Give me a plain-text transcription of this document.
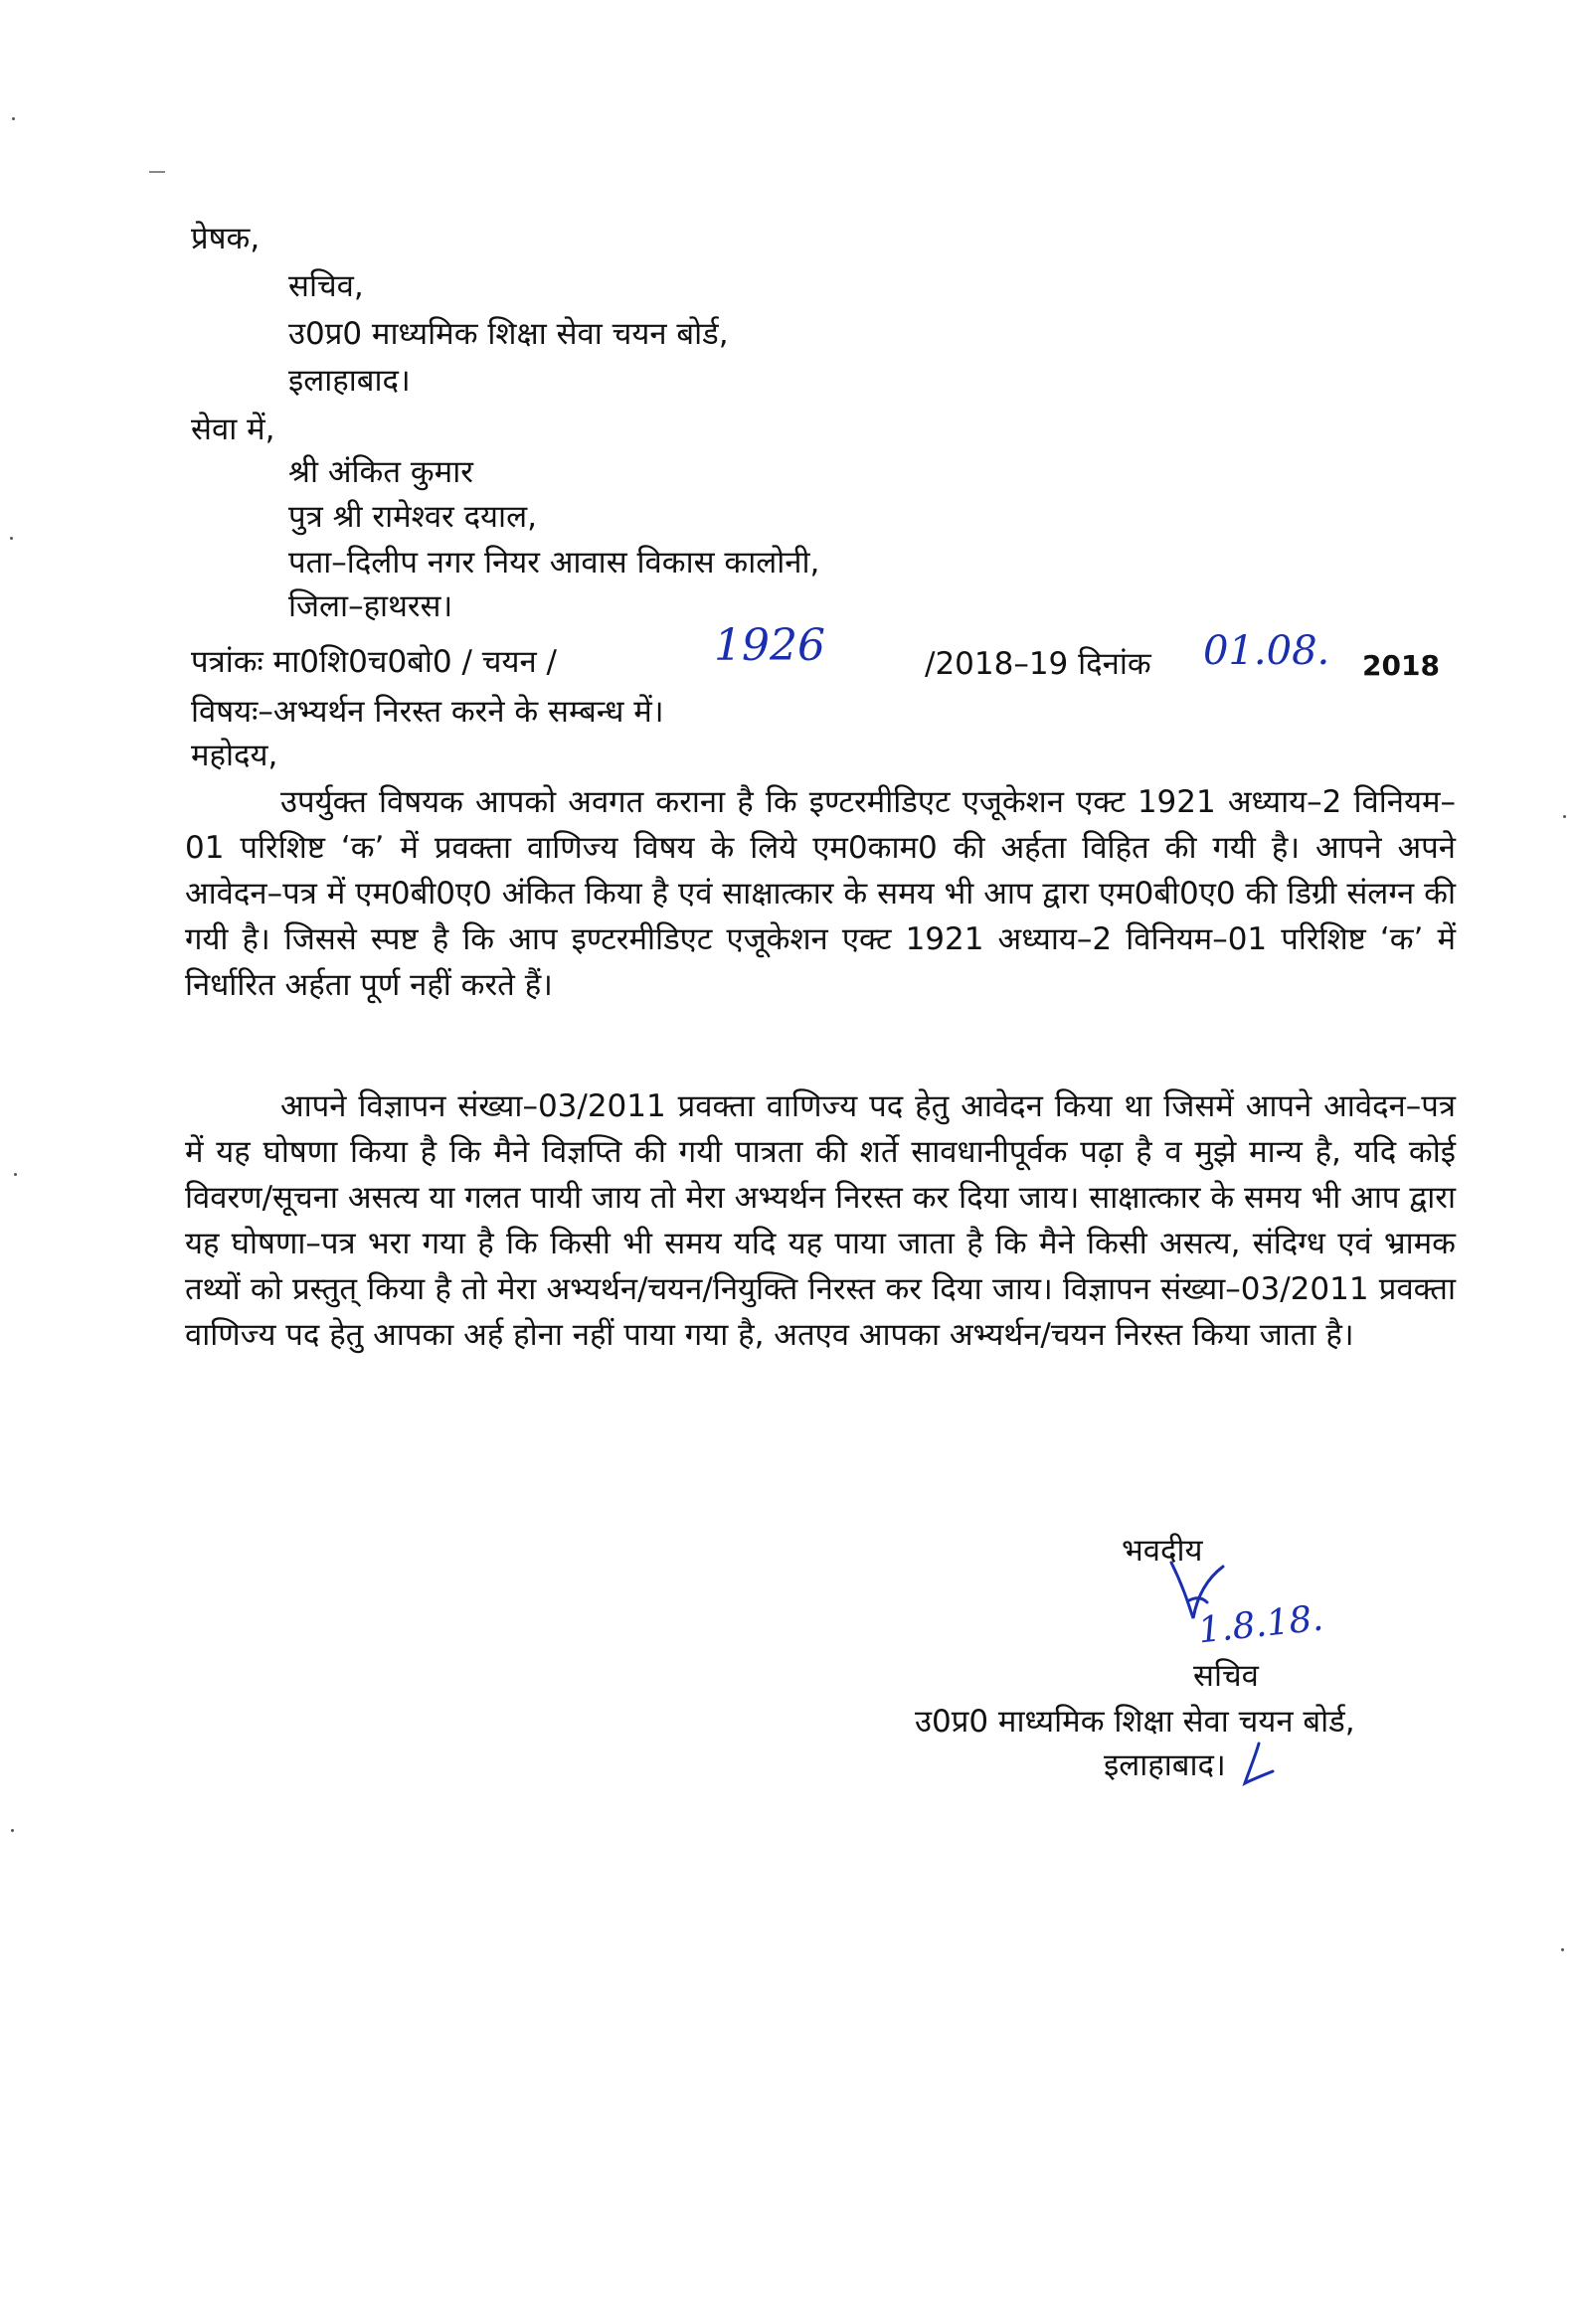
प्रेषक,
सचिव,
उ0प्र0 माध्यमिक शिक्षा सेवा चयन बोर्ड,
इलाहाबाद।
सेवा में,
श्री अंकित कुमार
पुत्र श्री रामेश्वर दयाल,
पता–दिलीप नगर नियर आवास विकास कालोनी,
जिला–हाथरस।
पत्रांकः मा0शि0च0बो0 / चयन /	1926	/2018–19 दिनांक 01.08. 2018
विषयः–अभ्यर्थन निरस्त करने के सम्बन्ध में।
महोदय,
उपर्युक्त विषयक आपको अवगत कराना है कि इण्टरमीडिएट एजूकेशन एक्ट 1921 अध्याय–2 विनियम–01 परिशिष्ट ‘क’ में प्रवक्ता वाणिज्य विषय के लिये एम0काम0 की अर्हता विहित की गयी है। आपने अपने आवेदन–पत्र में एम0बी0ए0 अंकित किया है एवं साक्षात्कार के समय भी आप द्वारा एम0बी0ए0 की डिग्री संलग्न की गयी है। जिससे स्पष्ट है कि आप इण्टरमीडिएट एजूकेशन एक्ट 1921 अध्याय–2 विनियम–01 परिशिष्ट ‘क’ में निर्धारित अर्हता पूर्ण नहीं करते हैं।
आपने विज्ञापन संख्या–03/2011 प्रवक्ता वाणिज्य पद हेतु आवेदन किया था जिसमें आपने आवेदन–पत्र में यह घोषणा किया है कि मैने विज्ञप्ति की गयी पात्रता की शर्ते सावधानीपूर्वक पढ़ा है व मुझे मान्य है, यदि कोई विवरण/सूचना असत्य या गलत पायी जाय तो मेरा अभ्यर्थन निरस्त कर दिया जाय। साक्षात्कार के समय भी आप द्वारा यह घोषणा–पत्र भरा गया है कि किसी भी समय यदि यह पाया जाता है कि मैने किसी असत्य, संदिग्ध एवं भ्रामक तथ्यों को प्रस्तुत् किया है तो मेरा अभ्यर्थन/चयन/नियुक्ति निरस्त कर दिया जाय। विज्ञापन संख्या–03/2011 प्रवक्ता वाणिज्य पद हेतु आपका अर्ह होना नहीं पाया गया है, अतएव आपका अभ्यर्थन/चयन निरस्त किया जाता है।
भवदीय
1.8.18.
सचिव
उ0प्र0 माध्यमिक शिक्षा सेवा चयन बोर्ड,
इलाहाबाद।
